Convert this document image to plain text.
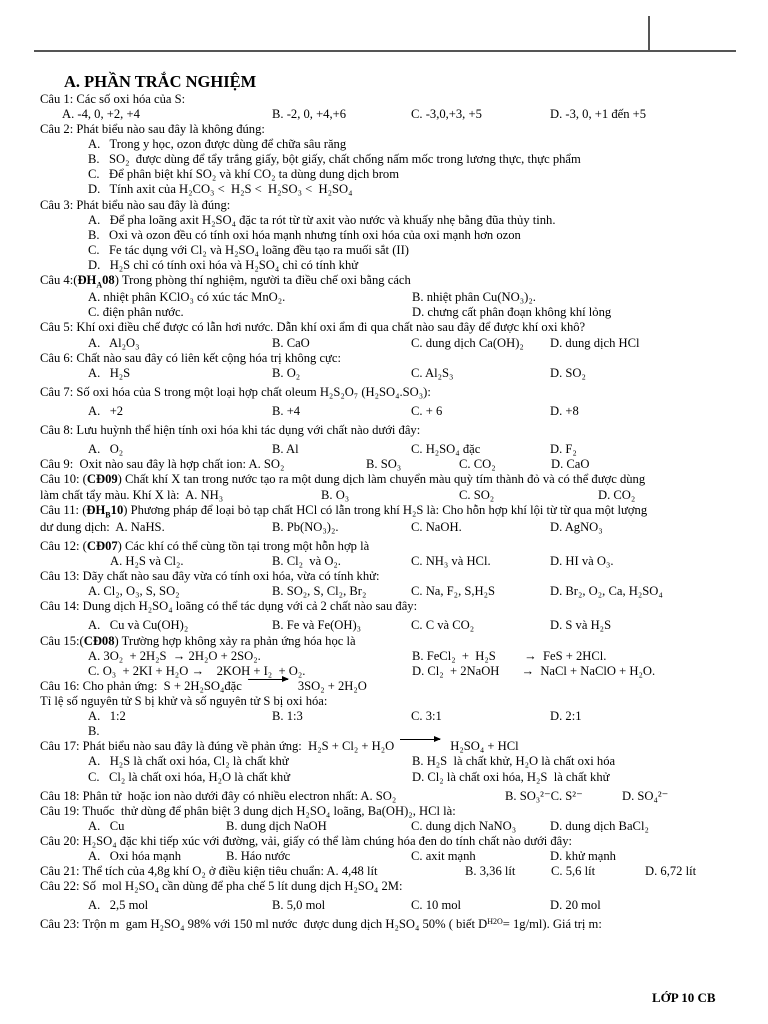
A. PHẦN TRẮC NGHIỆM
Câu 1: Các số oxi hóa của S:
A. -4, 0, +2, +4	B. -2, 0, +4,+6	C. -3,0,+3, +5	D. -3, 0, +1 đến +5
Câu 2: Phát biểu nào sau đây là không đúng:
A.   Trong y học, ozon được dùng để chữa sâu răng
B.   SO₂  được dùng để tẩy trắng giấy, bột giấy, chất chống nấm mốc trong lương thực, thực phẩm
C.   Để phân biệt khí SO₂ và khí CO₂ ta dùng dung dịch brom
D.   Tính axit của H₂CO₃ <  H₂S <  H₂SO₃ <  H₂SO₄
Câu 3: Phát biểu nào sau đây là đúng:
A.   Để pha loãng axit H₂SO₄ đặc ta rót từ từ axit vào nước và khuấy nhẹ bằng đũa thủy tinh.
B.   Oxi và ozon đều có tính oxi hóa mạnh nhưng tính oxi hóa của oxi mạnh hơn ozon
C.   Fe tác dụng với Cl₂ và H₂SO₄ loãng đều tạo ra muối sắt (II)
D.   H₂S chỉ có tính oxi hóa và H₂SO₄ chỉ có tính khử
Câu 4:( ĐH $_A$ 08 ) Trong phòng thí nghiệm, người ta điều chế oxi bằng cách
A. nhiệt phân KClO₃ có xúc tác MnO₂.	B. nhiệt phân Cu(NO₃)₂.
C. điện phân nước.	D. chưng cất phân đoạn không khí lỏng
Câu 5: Khí oxi điều chế được có lẫn hơi nước. Dẫn khí oxi ẩm đi qua chất nào sau đây để được khí oxi khô?
A.   Al₂O₃	B. CaO	C. dung dịch Ca(OH)₂	D. dung dịch HCl
Câu 6: Chất nào sau đây có liên kết cộng hóa trị không cực:
A.   H₂S	B. O₂	C. Al₂S₃	D. SO₂
Câu 7: Số oxi hóa của S trong một loại hợp chất oleum H₂S₂O₇ (H₂SO₄.SO₃):
A.   +2	B. +4	C. + 6	D. +8
Câu 8: Lưu huỳnh thể hiện tính oxi hóa khi tác dụng với chất nào dưới đây:
A.   O₂	B. Al	C. H₂SO₄ đặc	D. F₂
Câu 9:  Oxit nào sau đây là hợp chất ion: A. SO₂	B. SO₃	C. CO₂	D. CaO
Câu 10: ( CĐ09 ) Chất khí X tan trong nước tạo ra một dung dịch làm chuyển màu quỳ tím thành đỏ và có thể được dùng
làm chất tẩy màu. Khí X là:  A. NH₃	B. O₃	C. SO₂	D. CO₂
Câu 11: ( ĐH $_B$ 10 ) Phương pháp để loại bỏ tạp chất HCl có lẫn trong khí H₂S là: Cho hỗn hợp khí lội từ từ qua một lượng
dư dung dịch:  A. NaHS.	B. Pb(NO₃)₂.	C. NaOH.	D. AgNO₃
Câu 12: ( CĐ07 ) Các khí có thể cùng tồn tại trong một hỗn hợp là
A. H₂S và Cl₂.	B. Cl₂  và O₂.	C. NH₃ và HCl.	D. HI và O₃.
Câu 13: Dãy chất nào sau đây vừa có tính oxi hóa, vừa có tính khử:
A. Cl₂, O₃, S, SO₂	B. SO₂, S, Cl₂, Br₂	C. Na, F₂, S,H₂S	D. Br₂, O₂, Ca, H₂SO₄
Câu 14: Dung dịch H₂SO₄ loãng có thể tác dụng với cả 2 chất nào sau đây:
A.   Cu và Cu(OH)₂	B. Fe và Fe(OH)₃	C. C và CO₂	D. S và H₂S
Câu 15:( CĐ08 ) Trường hợp không xảy ra phản ứng hóa học là
A. 3O₂  + 2H₂S  → 2H₂O + 2SO₂.	B. FeCl₂  +  H₂S         →  FeS + 2HCl.
C. O₃  + 2KI + H₂O →    2KOH + I₂  + O₂.	D. Cl₂  + 2NaOH       →  NaCl + NaClO + H₂O.
Câu 16: Cho phản ứng:  S + 2H₂SO₄đặc	3SO₂ + 2H₂O
Tỉ lệ số nguyên tử S bị khử và số nguyên tử S bị oxi hóa:
A.   1:2	B. 1:3	C. 3:1	D. 2:1
B.
Câu 17: Phát biểu nào sau đây là đúng về phản ứng:  H₂S + Cl₂ + H₂O	H₂SO₄ + HCl
A.   H₂S là chất oxi hóa, Cl₂ là chất khử	B. H₂S  là chất khử, H₂O là chất oxi hóa
C.   Cl₂ là chất oxi hóa, H₂O là chất khử	D. Cl₂ là chất oxi hóa, H₂S  là chất khử
Câu 18: Phân tử  hoặc ion nào dưới đây có nhiều electron nhất: A. SO₂	B. SO₃²⁻C. S²⁻	D. SO₄²⁻
Câu 19: Thuốc  thử dùng để phân biệt 3 dung dịch H₂SO₄ loãng, Ba(OH)₂, HCl là:
A.   Cu	B. dung dịch NaOH	C. dung dịch NaNO₃	D. dung dịch BaCl₂
Câu 20: H₂SO₄ đặc khi tiếp xúc với đường, vải, giấy có thể làm chúng hóa đen do tính chất nào dưới đây:
A.   Oxi hóa mạnh	B. Háo nước	C. axit mạnh	D. khử mạnh
Câu 21: Thể tích của 4,8g khí O₂ ở điều kiện tiêu chuẩn: A. 4,48 lít	B. 3,36 lít	C. 5,6 lít	D. 6,72 lít
Câu 22: Số  mol H₂SO₄ cần dùng để pha chế 5 lít dung dịch H₂SO₄ 2M:
A.   2,5 mol	B. 5,0 mol	C. 10 mol	D. 20 mol
Câu 23: Trộn m  gam H₂SO₄ 98% với 150 ml nước  được dung dịch H₂SO₄ 50% ( biết D H2O = 1g/ml). Giá trị m:
LỚP 10 CB
